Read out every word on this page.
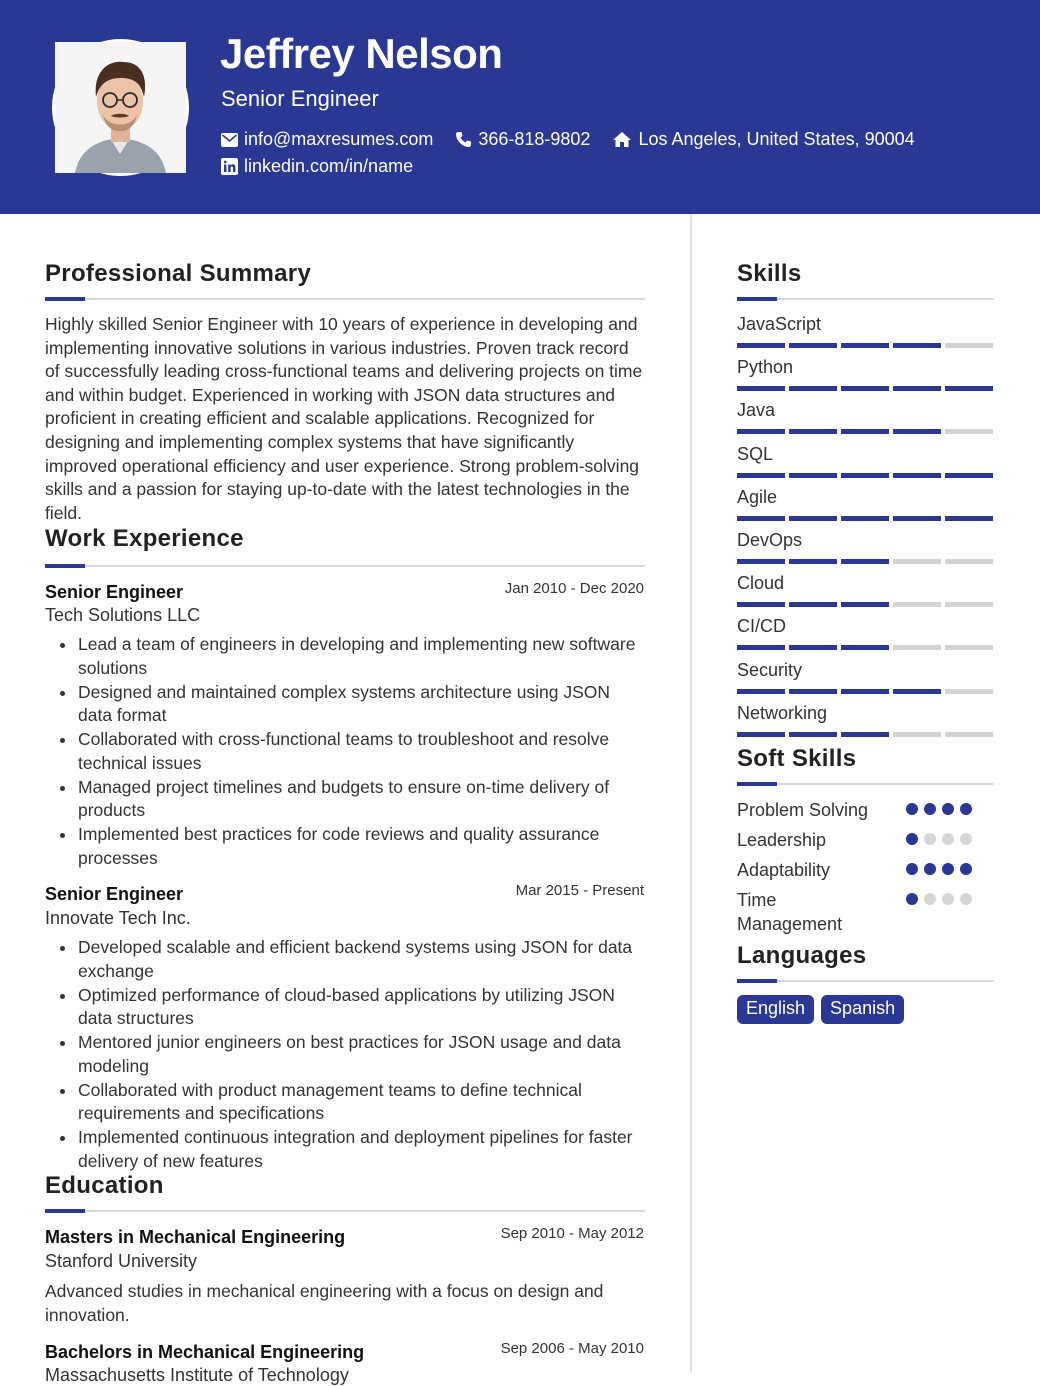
Jeffrey Nelson
Senior Engineer
info@maxresumes.com	366-818-9802	Los Angeles, United States, 90004
linkedin.com/in/name
Professional Summary
Highly skilled Senior Engineer with 10 years of experience in developing and implementing innovative solutions in various industries. Proven track record of successfully leading cross-functional teams and delivering projects on time and within budget. Experienced in working with JSON data structures and proficient in creating efficient and scalable applications. Recognized for designing and implementing complex systems that have significantly improved operational efficiency and user experience. Strong problem-solving skills and a passion for staying up-to-date with the latest technologies in the field.
Work Experience
Senior Engineer	Jan 2010 - Dec 2020
Tech Solutions LLC
Lead a team of engineers in developing and implementing new software solutions
Designed and maintained complex systems architecture using JSON data format
Collaborated with cross-functional teams to troubleshoot and resolve technical issues
Managed project timelines and budgets to ensure on-time delivery of products
Implemented best practices for code reviews and quality assurance processes
Senior Engineer	Mar 2015 - Present
Innovate Tech Inc.
Developed scalable and efficient backend systems using JSON for data exchange
Optimized performance of cloud-based applications by utilizing JSON data structures
Mentored junior engineers on best practices for JSON usage and data modeling
Collaborated with product management teams to define technical requirements and specifications
Implemented continuous integration and deployment pipelines for faster delivery of new features
Education
Masters in Mechanical Engineering	Sep 2010 - May 2012
Stanford University
Advanced studies in mechanical engineering with a focus on design and innovation.
Bachelors in Mechanical Engineering	Sep 2006 - May 2010
Massachusetts Institute of Technology
Skills
JavaScript
Python
Java
SQL
Agile
DevOps
Cloud
CI/CD
Security
Networking
Soft Skills
Problem Solving
Leadership
Adaptability
Time Management
Languages
English	Spanish
